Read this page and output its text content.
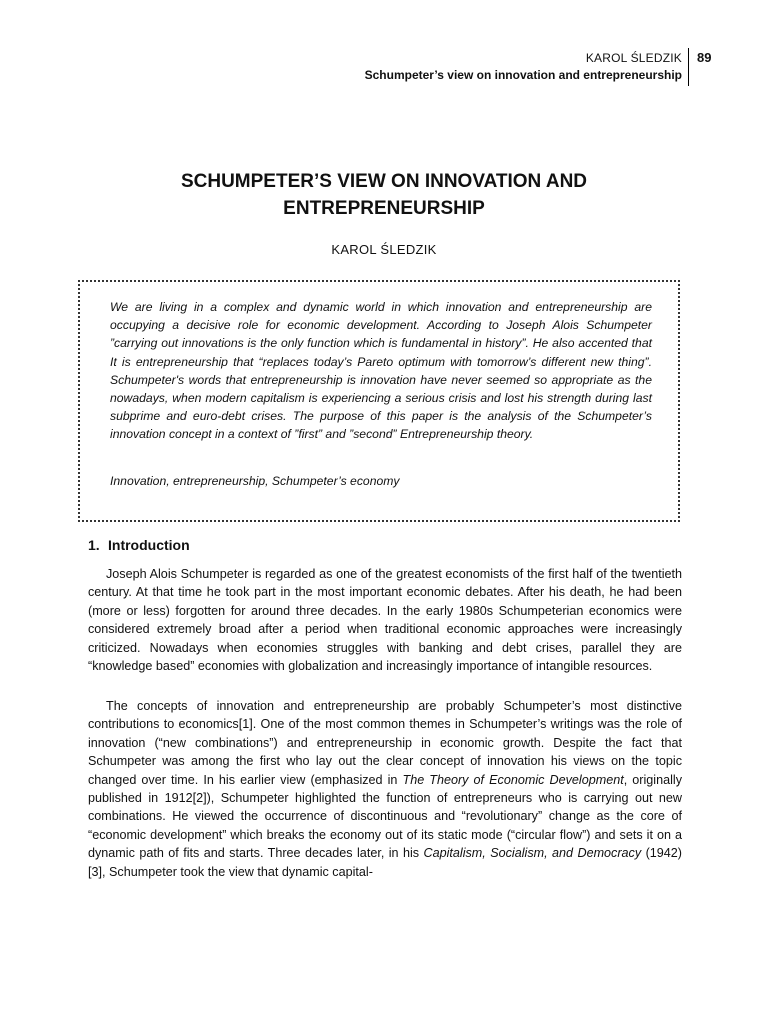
KAROL ŚLEDZIK
Schumpeter’s view on innovation and entrepreneurship
89
SCHUMPETER’S VIEW ON INNOVATION AND
ENTREPRENEURSHIP
KAROL ŚLEDZIK

We are living in a complex and dynamic world in which innovation and entrepreneurship are occupying a decisive role for economic development. According to Joseph Alois Schumpeter ”carrying out innovations is the only function which is fundamental in history”. He also accented that It is entrepreneurship that “replaces today’s Pareto optimum with tomorrow’s different new thing”. Schumpeter's words that entrepreneurship is innovation have never seemed so appropriate as the nowadays, when modern capitalism is experiencing a serious crisis and lost his strength during last subprime and euro-debt crises. The purpose of this paper is the analysis of the Schumpeter’s innovation concept in a context of ”first” and ”second” Entrepreneurship theory.

Innovation, entrepreneurship, Schumpeter’s economy
1. Introduction

Joseph Alois Schumpeter is regarded as one of the greatest economists of the first half of the twentieth century. At that time he took part in the most important economic debates. After his death, he had been (more or less) forgotten for around three decades. In the early 1980s Schumpeterian economics were considered extremely broad after a period when traditional economic approaches were increasingly criticized. Nowadays when economies struggles with banking and debt crises, parallel they are “knowledge based” economies with globalization and increasingly importance of intangible resources.

The concepts of innovation and entrepreneurship are probably Schumpeter’s most distinctive contributions to economics[1]. One of the most common themes in Schumpeter’s writings was the role of innovation (“new combinations”) and entrepreneurship in economic growth. Despite the fact that Schumpeter was among the first who lay out the clear concept of innovation his views on the topic changed over time. In his earlier view (emphasized in The Theory of Economic Development, originally published in 1912[2]), Schumpeter highlighted the function of entrepreneurs who is carrying out new combinations. He viewed the occurrence of discontinuous and “revolutionary” change as the core of “economic development” which breaks the economy out of its static mode (“circular flow”) and sets it on a dynamic path of fits and starts. Three decades later, in his Capitalism, Socialism, and Democracy (1942)[3], Schumpeter took the view that dynamic capital-
